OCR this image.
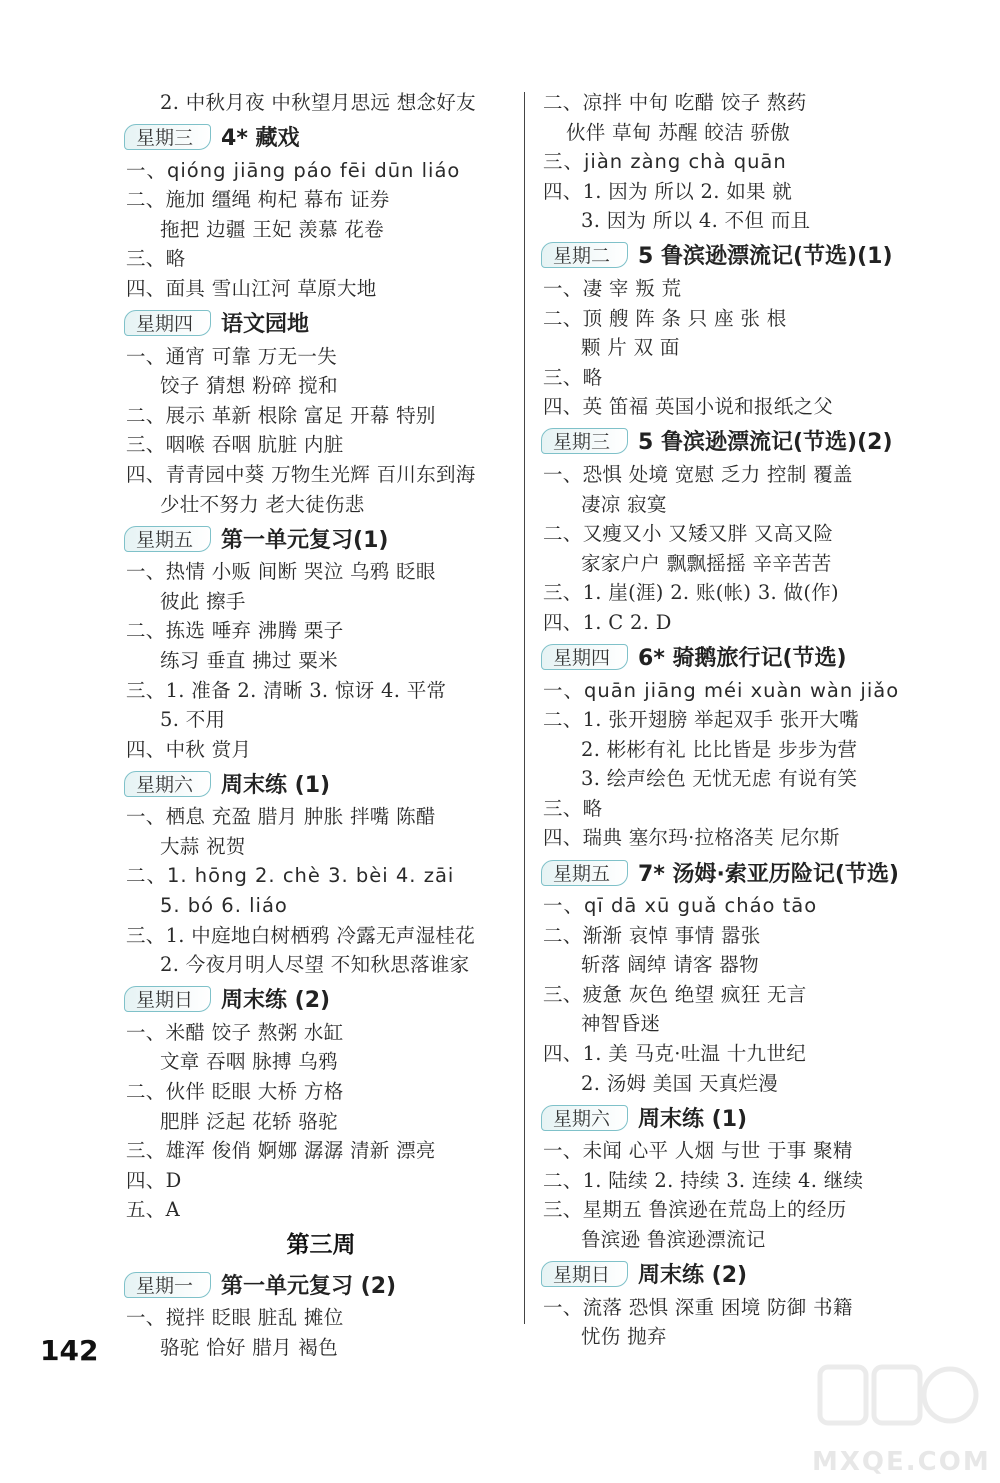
2. 中秋月夜 中秋望月思远 想念好友
星期三	4* 藏戏
一、qióng jiāng páo fēi dūn liáo
二、施加 缰绳 枸杞 幕布 证券
拖把 边疆 王妃 羡慕 花卷
三、略
四、面具 雪山江河 草原大地
星期四	语文园地
一、通宵 可靠 万无一失
饺子 猜想 粉碎 搅和
二、展示 革新 根除 富足 开幕 特别
三、咽喉 吞咽 肮脏 内脏
四、青青园中葵 万物生光辉 百川东到海
少壮不努力 老大徒伤悲
星期五	第一单元复习(1)
一、热情 小贩 间断 哭泣 乌鸦 眨眼
彼此 擦手
二、拣选 唾弃 沸腾 栗子
练习 垂直 拂过 粟米
三、1. 准备 2. 清晰 3. 惊讶 4. 平常
5. 不用
四、中秋 赏月
星期六	周末练 (1)
一、栖息 充盈 腊月 肿胀 拌嘴 陈醋
大蒜 祝贺
二、1. hōng 2. chè 3. bèi 4. zāi
5. bó 6. liáo
三、1. 中庭地白树栖鸦 冷露无声湿桂花
2. 今夜月明人尽望 不知秋思落谁家
星期日	周末练 (2)
一、米醋 饺子 熬粥 水缸
文章 吞咽 脉搏 乌鸦
二、伙伴 眨眼 大桥 方格
肥胖 泛起 花轿 骆驼
三、雄浑 俊俏 婀娜 潺潺 清新 漂亮
四、D
五、A
第三周
星期一	第一单元复习 (2)
一、搅拌 眨眼 脏乱 摊位
骆驼 恰好 腊月 褐色
二、凉拌 中旬 吃醋 饺子 熬药
伙伴 草甸 苏醒 皎洁 骄傲
三、jiàn zàng chà quān
四、1. 因为 所以 2. 如果 就
3. 因为 所以 4. 不但 而且
星期二	5 鲁滨逊漂流记(节选)(1)
一、凄 宰 叛 荒
二、顶 艘 阵 条 只 座 张 根
颗 片 双 面
三、略
四、英 笛福 英国小说和报纸之父
星期三	5 鲁滨逊漂流记(节选)(2)
一、恐惧 处境 宽慰 乏力 控制 覆盖
凄凉 寂寞
二、又瘦又小 又矮又胖 又高又险
家家户户 飘飘摇摇 辛辛苦苦
三、1. 崖(涯) 2. 账(帐) 3. 做(作)
四、1. C 2. D
星期四	6* 骑鹅旅行记(节选)
一、quān jiāng méi xuàn wàn jiǎo
二、1. 张开翅膀 举起双手 张开大嘴
2. 彬彬有礼 比比皆是 步步为营
3. 绘声绘色 无忧无虑 有说有笑
三、略
四、瑞典 塞尔玛·拉格洛芙 尼尔斯
星期五	7* 汤姆·索亚历险记(节选)
一、qī dā xū guǎ cháo tāo
二、渐渐 哀悼 事情 嚣张
斩落 阔绰 请客 器物
三、疲惫 灰色 绝望 疯狂 无言
神智昏迷
四、1. 美 马克·吐温 十九世纪
2. 汤姆 美国 天真烂漫
星期六	周末练 (1)
一、未闻 心平 人烟 与世 于事 聚精
二、1. 陆续 2. 持续 3. 连续 4. 继续
三、星期五 鲁滨逊在荒岛上的经历
鲁滨逊 鲁滨逊漂流记
星期日	周末练 (2)
一、流落 恐惧 深重 困境 防御 书籍
忧伤 抛弃
142
MXQE.COM
